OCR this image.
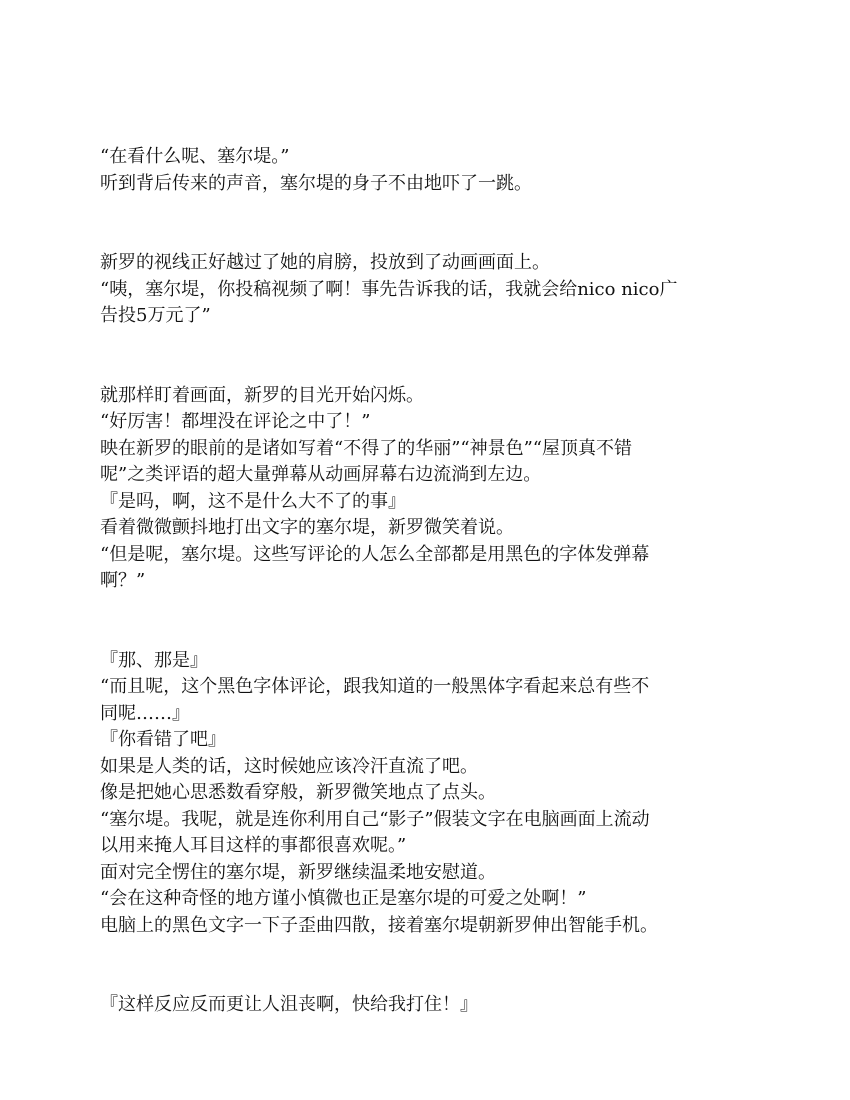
“在看什么呢、塞尔堤。”
听到背后传来的声音，塞尔堤的身子不由地吓了一跳。
新罗的视线正好越过了她的肩膀，投放到了动画画面上。
“咦，塞尔堤，你投稿视频了啊！事先告诉我的话，我就会给nico nico广
告投5万元了”
就那样盯着画面，新罗的目光开始闪烁。
“好厉害！都埋没在评论之中了！”
映在新罗的眼前的是诸如写着“不得了的华丽”“神景色”“屋顶真不错
呢”之类评语的超大量弹幕从动画屏幕右边流淌到左边。
『是吗，啊，这不是什么大不了的事』
看着微微颤抖地打出文字的塞尔堤，新罗微笑着说。
“但是呢，塞尔堤。这些写评论的人怎么全部都是用黑色的字体发弹幕
啊？”
『那、那是』
“而且呢，这个黑色字体评论，跟我知道的一般黑体字看起来总有些不
同呢……』
『你看错了吧』
如果是人类的话，这时候她应该冷汗直流了吧。
像是把她心思悉数看穿般，新罗微笑地点了点头。
“塞尔堤。我呢，就是连你利用自己“影子”假装文字在电脑画面上流动
以用来掩人耳目这样的事都很喜欢呢。”
面对完全愣住的塞尔堤，新罗继续温柔地安慰道。
“会在这种奇怪的地方谨小慎微也正是塞尔堤的可爱之处啊！”
电脑上的黑色文字一下子歪曲四散，接着塞尔堤朝新罗伸出智能手机。
『这样反应反而更让人沮丧啊，快给我打住！』
